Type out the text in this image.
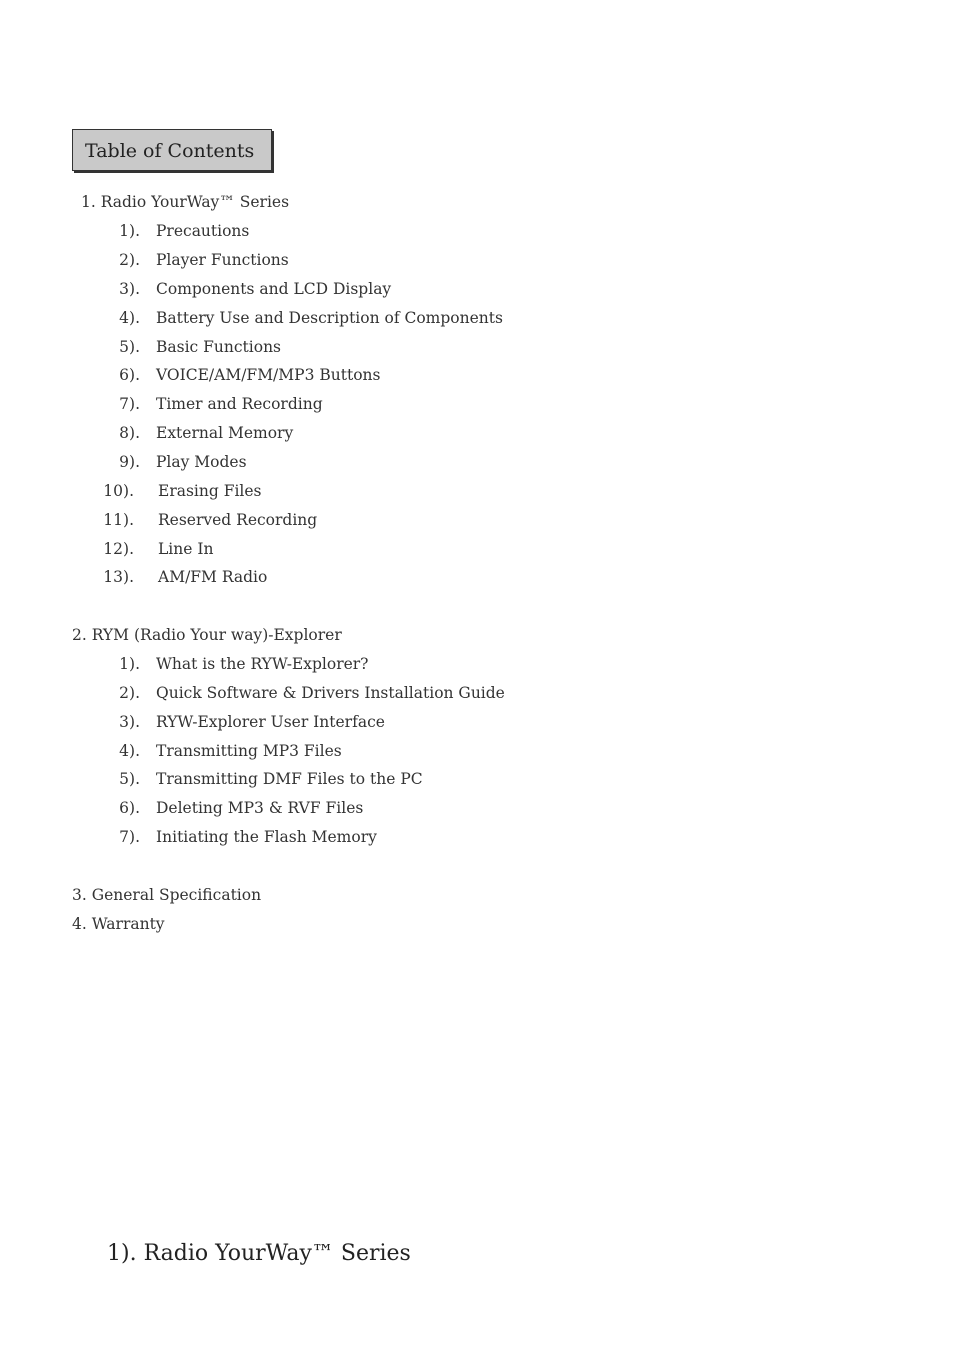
Table of Contents
1. Radio YourWay™ Series
1). Precautions
2). Player Functions
3). Components and LCD Display
4). Battery Use and Description of Components
5). Basic Functions
6). VOICE/AM/FM/MP3 Buttons
7). Timer and Recording
8). External Memory
9). Play Modes
10). Erasing Files
11). Reserved Recording
12). Line In
13). AM/FM Radio
2. RYM (Radio Your way)-Explorer
1). What is the RYW-Explorer?
2). Quick Software & Drivers Installation Guide
3). RYW-Explorer User Interface
4). Transmitting MP3 Files
5). Transmitting DMF Files to the PC
6). Deleting MP3 & RVF Files
7). Initiating the Flash Memory
3. General Specification
4. Warranty
1). Radio YourWay™ Series
